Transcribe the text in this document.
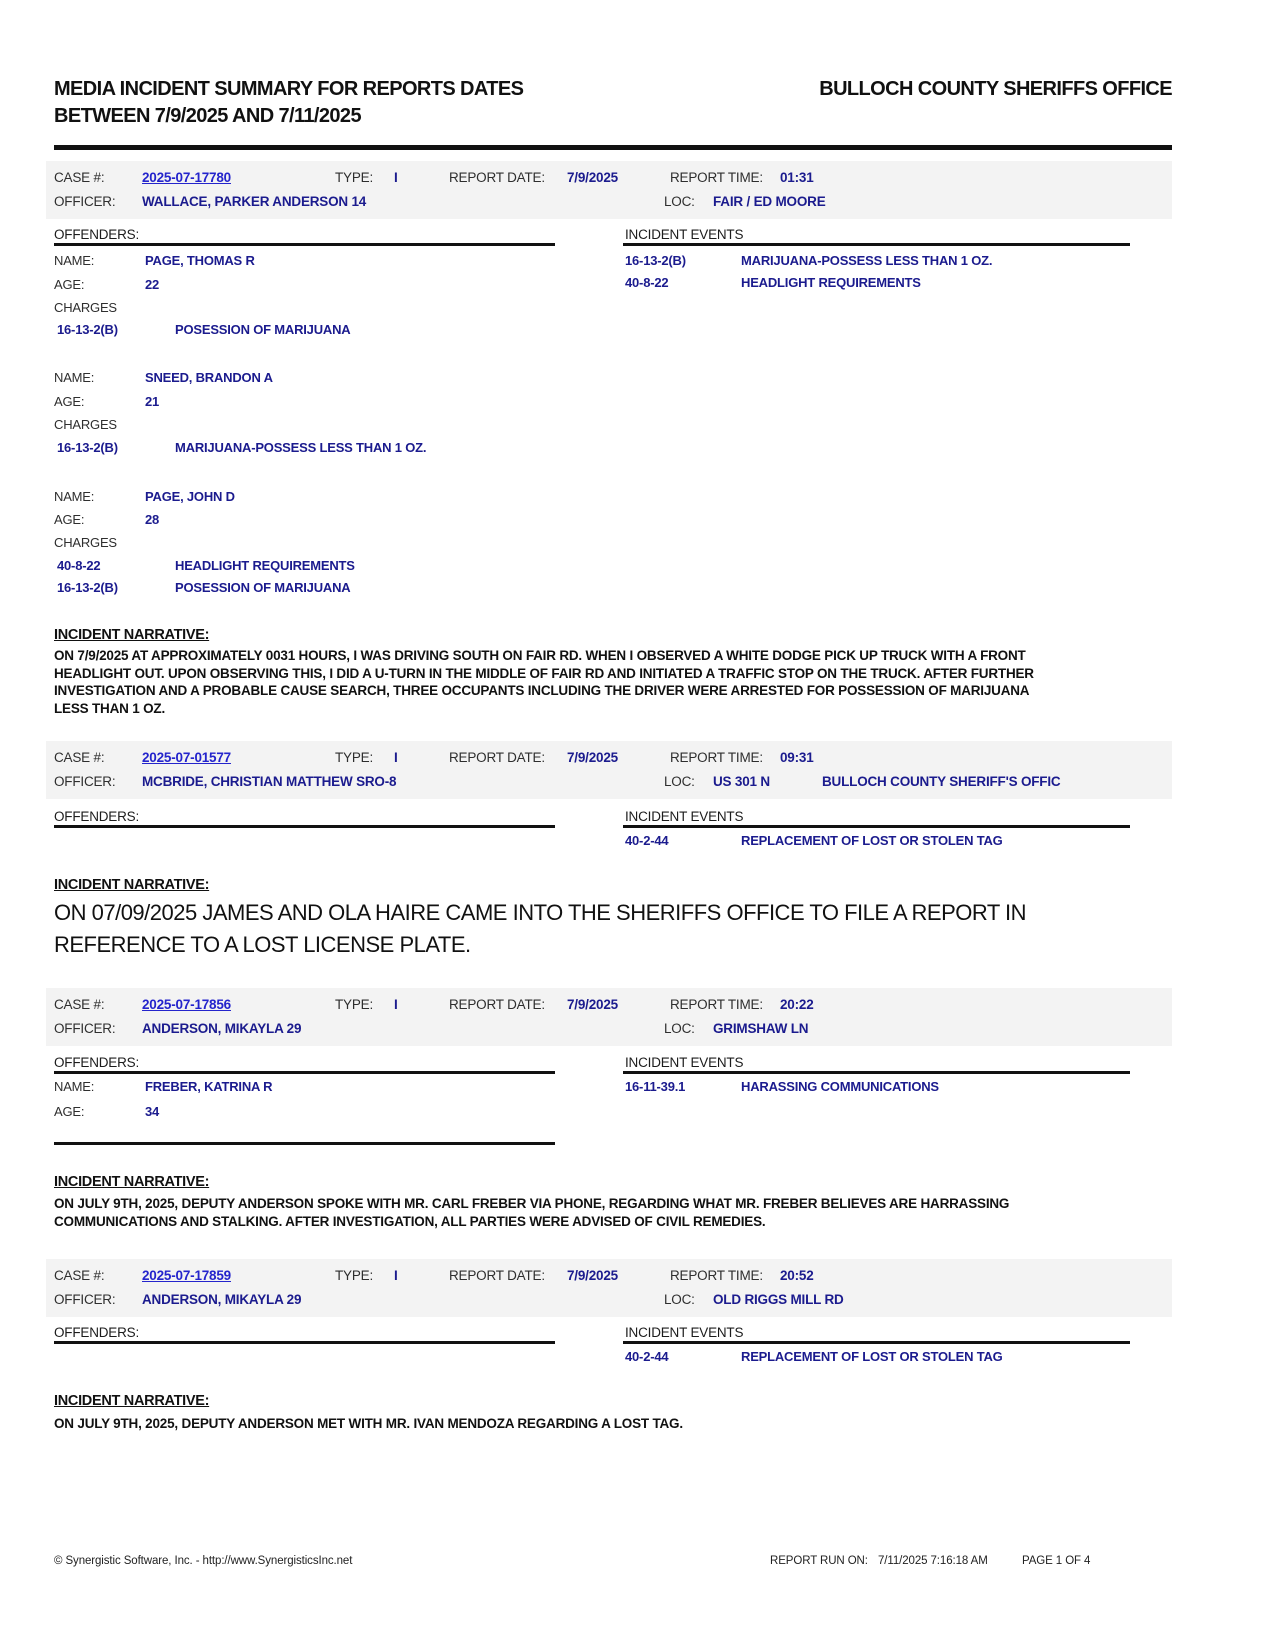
MEDIA INCIDENT SUMMARY FOR REPORTS DATES
BETWEEN 7/9/2025 AND 7/11/2025
BULLOCH COUNTY SHERIFFS OFFICE
CASE #:	2025-07-17780	TYPE: I	REPORT DATE: 7/9/2025	REPORT TIME: 01:31
OFFICER: WALLACE, PARKER ANDERSON 14	LOC: FAIR / ED MOORE
OFFENDERS:	INCIDENT EVENTS
16-13-2(B)	MARIJUANA-POSSESS LESS THAN 1 OZ.
40-8-22	HEADLIGHT REQUIREMENTS
NAME:	PAGE, THOMAS R
AGE:	22
CHARGES
16-13-2(B)	POSESSION OF MARIJUANA
NAME:	SNEED, BRANDON A
AGE:	21
CHARGES
16-13-2(B)	MARIJUANA-POSSESS LESS THAN 1 OZ.
NAME:	PAGE, JOHN D
AGE:	28
CHARGES
40-8-22	HEADLIGHT REQUIREMENTS
16-13-2(B)	POSESSION OF MARIJUANA
INCIDENT NARRATIVE:
ON 7/9/2025 AT APPROXIMATELY 0031 HOURS, I WAS DRIVING SOUTH ON FAIR RD. WHEN I OBSERVED A WHITE DODGE PICK UP TRUCK WITH A FRONT HEADLIGHT OUT. UPON OBSERVING THIS, I DID A U-TURN IN THE MIDDLE OF FAIR RD AND INITIATED A TRAFFIC STOP ON THE TRUCK. AFTER FURTHER INVESTIGATION AND A PROBABLE CAUSE SEARCH, THREE OCCUPANTS INCLUDING THE DRIVER WERE ARRESTED FOR POSSESSION OF MARIJUANA LESS THAN 1 OZ.
CASE #:	2025-07-01577	TYPE: I	REPORT DATE: 7/9/2025	REPORT TIME: 09:31
OFFICER: MCBRIDE, CHRISTIAN MATTHEW SRO-8	LOC: US 301 N	BULLOCH COUNTY SHERIFF'S OFFIC
OFFENDERS:	INCIDENT EVENTS
40-2-44	REPLACEMENT OF LOST OR STOLEN TAG
INCIDENT NARRATIVE:
ON 07/09/2025 JAMES AND OLA HAIRE CAME INTO THE SHERIFFS OFFICE TO FILE A REPORT IN REFERENCE TO A LOST LICENSE PLATE.
CASE #:	2025-07-17856	TYPE: I	REPORT DATE: 7/9/2025	REPORT TIME: 20:22
OFFICER: ANDERSON, MIKAYLA 29	LOC: GRIMSHAW LN
OFFENDERS:	INCIDENT EVENTS
16-11-39.1	HARASSING COMMUNICATIONS
NAME:	FREBER, KATRINA R
AGE:	34
INCIDENT NARRATIVE:
ON JULY 9TH, 2025, DEPUTY ANDERSON SPOKE WITH MR. CARL FREBER VIA PHONE, REGARDING WHAT MR. FREBER BELIEVES ARE HARRASSING COMMUNICATIONS AND STALKING. AFTER INVESTIGATION, ALL PARTIES WERE ADVISED OF CIVIL REMEDIES.
CASE #:	2025-07-17859	TYPE: I	REPORT DATE: 7/9/2025	REPORT TIME: 20:52
OFFICER: ANDERSON, MIKAYLA 29	LOC: OLD RIGGS MILL RD
OFFENDERS:	INCIDENT EVENTS
40-2-44	REPLACEMENT OF LOST OR STOLEN TAG
INCIDENT NARRATIVE:
ON JULY 9TH, 2025, DEPUTY ANDERSON MET WITH MR. IVAN MENDOZA REGARDING A LOST TAG.
© Synergistic Software, Inc. - http://www.SynergisticsInc.net	REPORT RUN ON: 7/11/2025 7:16:18 AM	PAGE 1 OF 4
